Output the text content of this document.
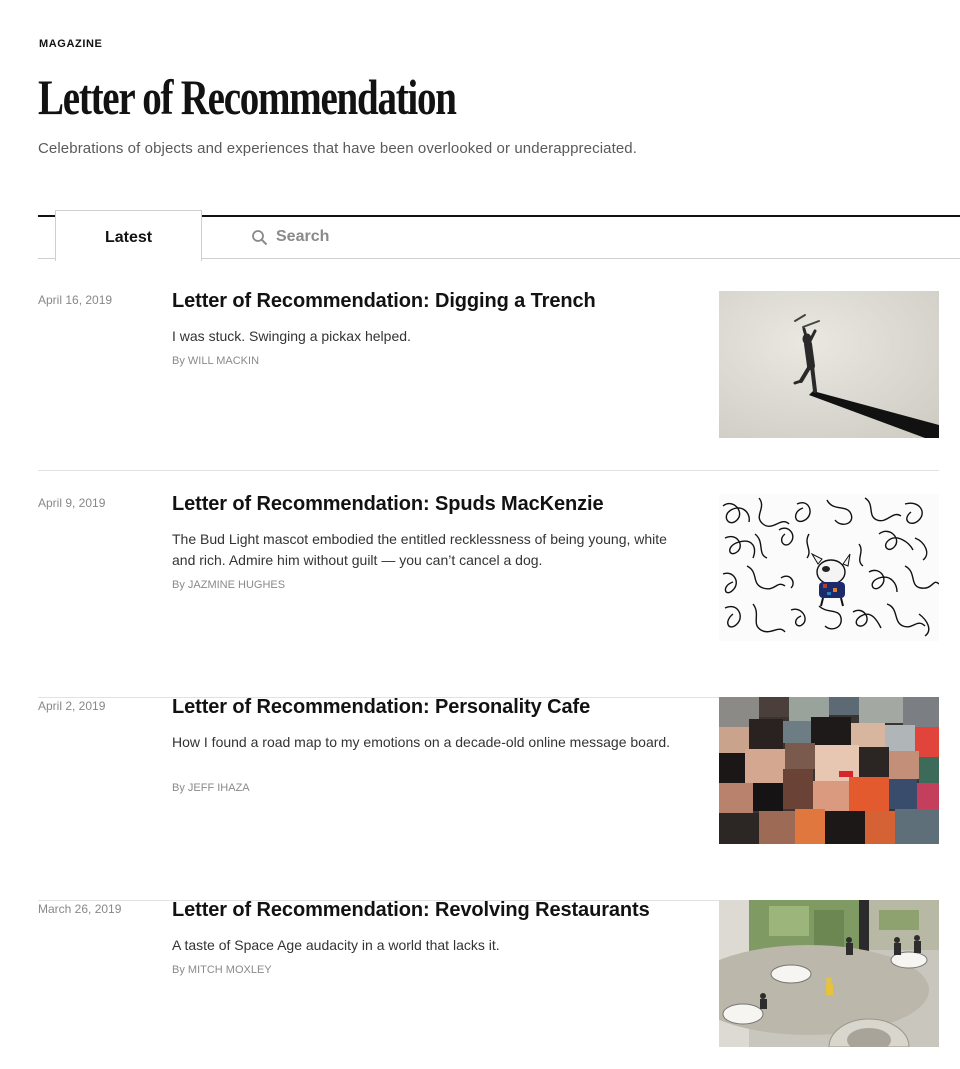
MAGAZINE
Letter of Recommendation
Celebrations of objects and experiences that have been overlooked or underappreciated.
Latest	Search
April 16, 2019	Letter of Recommendation: Digging a Trench

I was stuck. Swinging a pickax helped.

By WILL MACKIN
April 9, 2019	Letter of Recommendation: Spuds MacKenzie

The Bud Light mascot embodied the entitled recklessness of being young, white and rich. Admire him without guilt — you can’t cancel a dog.

By JAZMINE HUGHES
April 2, 2019	Letter of Recommendation: Personality Cafe

How I found a road map to my emotions on a decade-old online message board.

By JEFF IHAZA
March 26, 2019	Letter of Recommendation: Revolving Restaurants

A taste of Space Age audacity in a world that lacks it.

By MITCH MOXLEY
